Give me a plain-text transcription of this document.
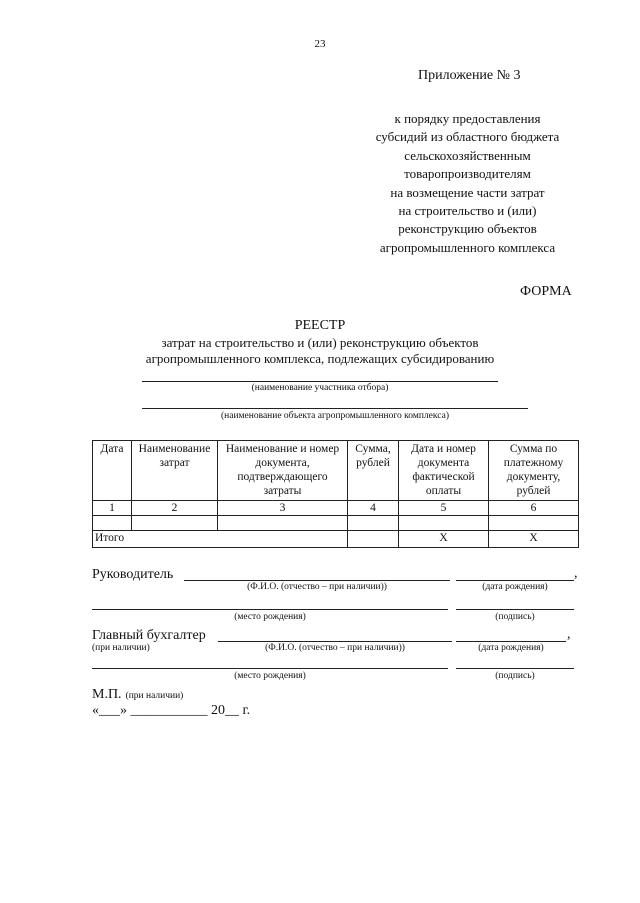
23
Приложение № 3
к порядку предоставления
субсидий из областного бюджета
сельскохозяйственным
товаропроизводителям
на возмещение части затрат
на строительство и (или)
реконструкцию объектов
агропромышленного комплекса
ФОРМА
РЕЕСТР
затрат на строительство и (или) реконструкцию объектов
агропромышленного комплекса, подлежащих субсидированию
(наименование участника отбора)
(наименование объекта агропромышленного комплекса)
Дата	Наименование затрат	Наименование и номер документа, подтверждающего затраты	Сумма, рублей	Дата и номер документа фактической оплаты	Сумма по платежному документу, рублей
1	2	3	4	5	6

Итого				Х	Х
Руководитель	,
(Ф.И.О. (отчество – при наличии))	(дата рождения)
(место рождения)	(подпись)
Главный бухгалтер	,
(при наличии)	(Ф.И.О. (отчество – при наличии))	(дата рождения)
(место рождения)	(подпись)
М.П. (при наличии)
«___» ___________ 20__ г.
